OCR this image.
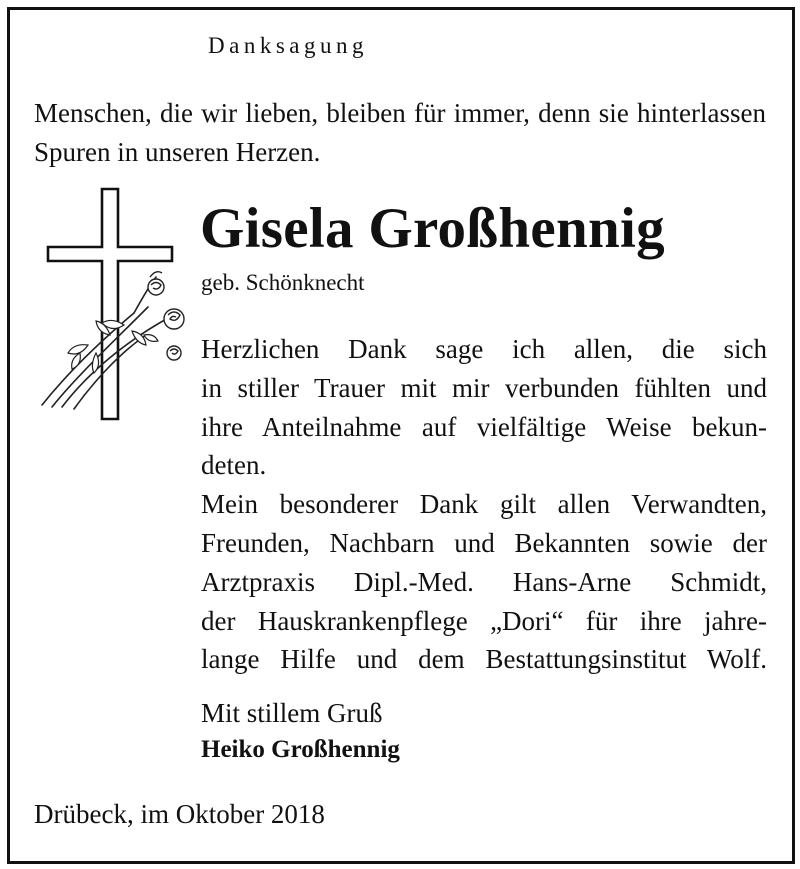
Danksagung
Menschen, die wir lieben, bleiben für immer, denn sie hinterlassen Spuren in unseren Herzen.
Gisela Großhennig
geb. Schönknecht
Herzlichen Dank sage ich allen, die sich
in stiller Trauer mit mir verbunden fühlten und
ihre Anteilnahme auf vielfältige Weise bekun-
deten.
Mein besonderer Dank gilt allen Verwandten,
Freunden, Nachbarn und Bekannten sowie der
Arztpraxis Dipl.-Med. Hans-Arne Schmidt,
der Hauskrankenpflege „Dori“ für ihre jahre-
lange Hilfe und dem Bestattungsinstitut Wolf.
Mit stillem Gruß
Heiko Großhennig
Drübeck, im Oktober 2018
